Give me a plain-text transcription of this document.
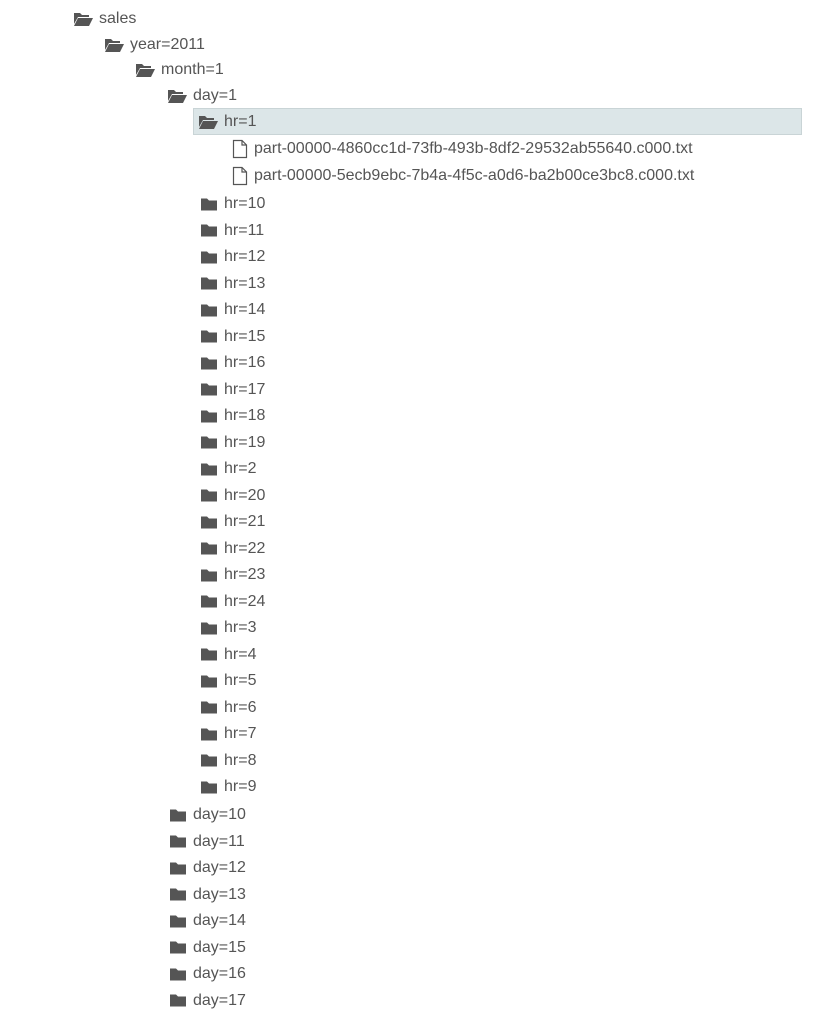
sales
year=2011
month=1
day=1
hr=1
part-00000-4860cc1d-73fb-493b-8df2-29532ab55640.c000.txt
part-00000-5ecb9ebc-7b4a-4f5c-a0d6-ba2b00ce3bc8.c000.txt
hr=10
hr=11
hr=12
hr=13
hr=14
hr=15
hr=16
hr=17
hr=18
hr=19
hr=2
hr=20
hr=21
hr=22
hr=23
hr=24
hr=3
hr=4
hr=5
hr=6
hr=7
hr=8
hr=9
day=10
day=11
day=12
day=13
day=14
day=15
day=16
day=17
